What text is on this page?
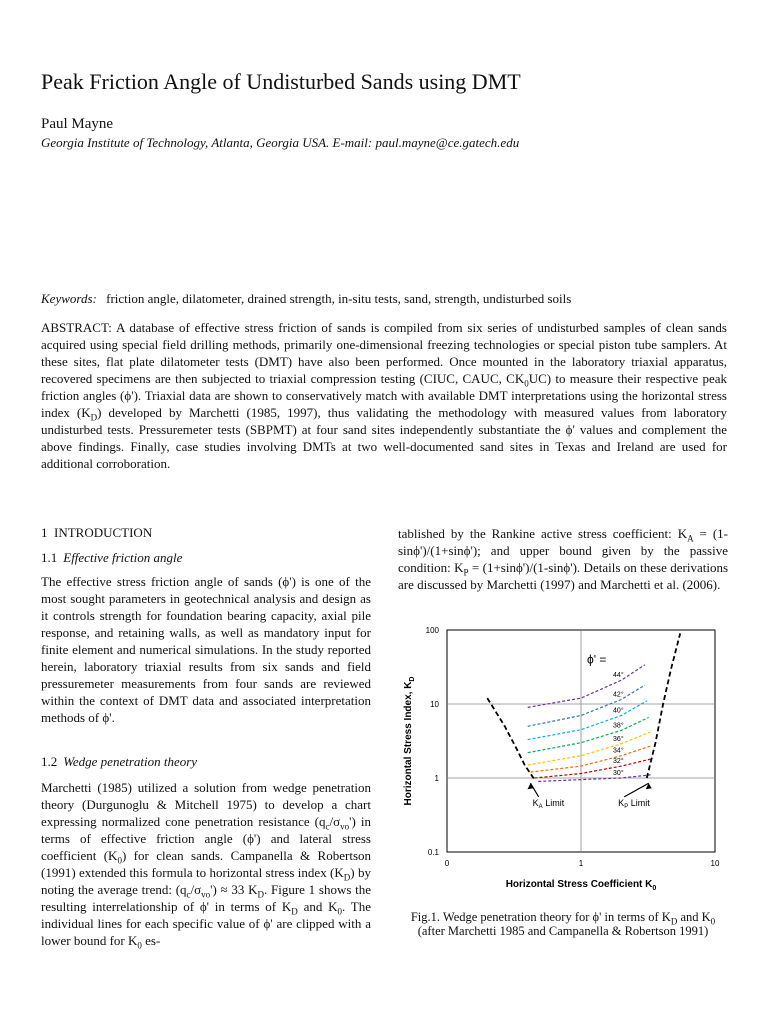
Peak Friction Angle of Undisturbed Sands using DMT
Paul Mayne
Georgia Institute of Technology, Atlanta, Georgia USA. E-mail: paul.mayne@ce.gatech.edu
Keywords: friction angle, dilatometer, drained strength, in-situ tests, sand, strength, undisturbed soils
ABSTRACT: A database of effective stress friction of sands is compiled from six series of undisturbed samples of clean sands acquired using special field drilling methods, primarily one-dimensional freezing technologies or special piston tube samplers. At these sites, flat plate dilatometer tests (DMT) have also been performed. Once mounted in the laboratory triaxial apparatus, recovered specimens are then subjected to triaxial compression testing (CIUC, CAUC, $CK_0UC$) to measure their respective peak friction angles (ϕ'). Triaxial data are shown to conservatively match with available DMT interpretations using the horizontal stress index $(K_D)$ developed by Marchetti (1985, 1997), thus validating the methodology with measured values from laboratory undisturbed tests. Pressuremeter tests (SBPMT) at four sand sites independently substantiate the ϕ' values and complement the above findings. Finally, case studies involving DMTs at two well-documented sand sites in Texas and Ireland are used for additional corroboration.
1 INTRODUCTION
1.1 Effective friction angle
The effective stress friction angle of sands (ϕ') is one of the most sought parameters in geotechnical analysis and design as it controls strength for foundation bearing capacity, axial pile response, and retaining walls, as well as mandatory input for finite element and numerical simulations. In the study reported herein, laboratory triaxial results from six sands and field pressuremeter measurements from four sands are reviewed within the context of DMT data and associated interpretation methods of ϕ'.
1.2 Wedge penetration theory
Marchetti (1985) utilized a solution from wedge penetration theory (Durgunoglu & Mitchell 1975) to develop a chart expressing normalized cone penetration resistance $(q_c/\sigma_{vo}')$ in terms of effective friction angle (ϕ') and lateral stress coefficient $(K_0)$ for clean sands. Campanella & Robertson (1991) extended this formula to horizontal stress index $(K_D)$ by noting the average trend: $(q_c/\sigma_{vo}') \approx 33$ $K_D$. Figure 1 shows the resulting interrelationship of ϕ' in terms of $K_D$ and $K_0$. The individual lines for each specific value of ϕ' are clipped with a lower bound for $K_0$ es-
tablished by the Rankine active stress coefficient: $K_A = (1-\sin\phi')/(1+\sin\phi')$; and upper bound given by the passive condition: $K_P = (1+\sin\phi')/(1-\sin\phi')$. Details on these derivations are discussed by Marchetti (1997) and Marchetti et al. (2006).
0	1	10
0.1
1
10
100
Horizontal Stress Coefficient $K_0$
Horizontal Stress Index, $K_D$
ϕ' =
44°
42°
40°
38°
36°
34°
32°
30°
$K_A$ Limit	$K_P$ Limit
Fig.1. Wedge penetration theory for ϕ' in terms of $K_D$ and $K_0$ (after Marchetti 1985 and Campanella & Robertson 1991)
